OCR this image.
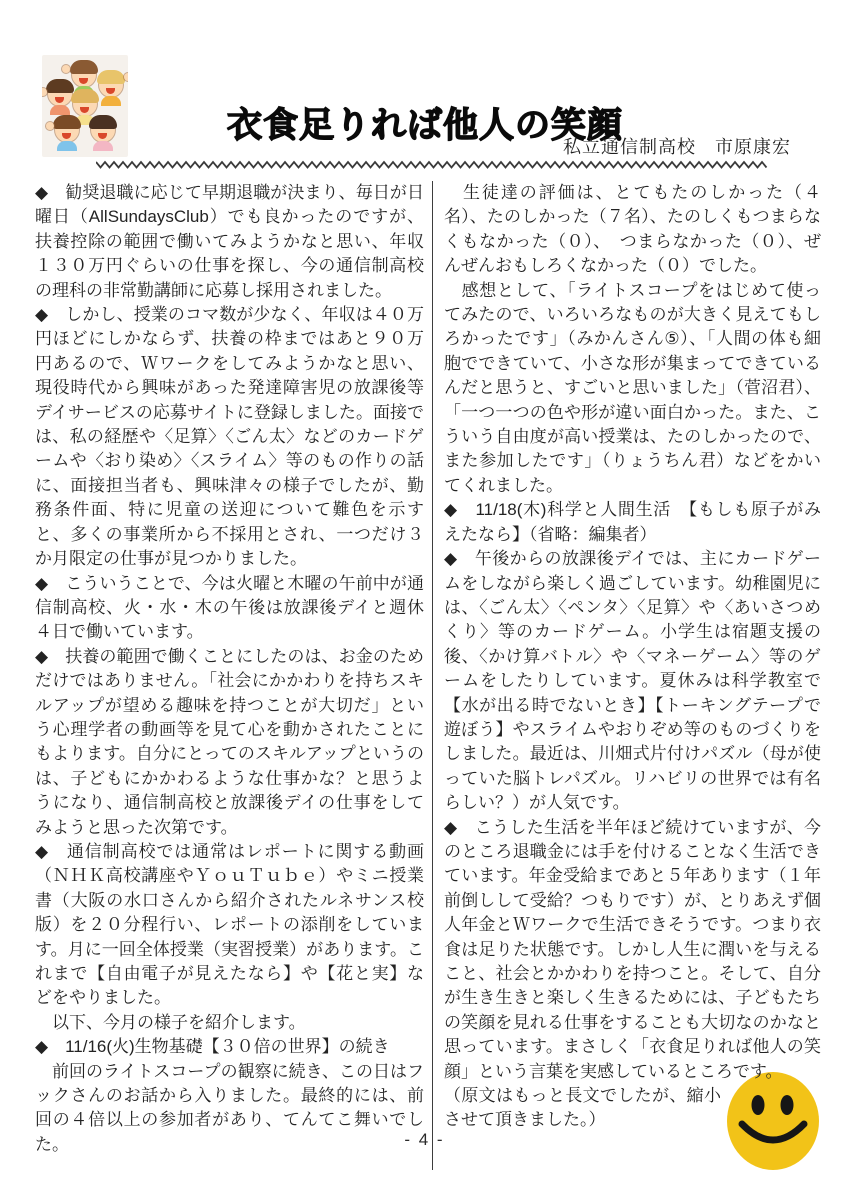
衣食足りれば他人の笑顔
私立通信制高校　市原康宏

◆　勧奨退職に応じて早期退職が決まり、毎日が日曜日（AllSundaysClub）でも良かったのですが、扶養控除の範囲で働いてみようかなと思い、年収１３０万円ぐらいの仕事を探し、今の通信制高校の理科の非常勤講師に応募し採用されました。

◆　しかし、授業のコマ数が少なく、年収は４０万円ほどにしかならず、扶養の枠まではあと９０万円あるので、Ｗワークをしてみようかなと思い、現役時代から興味があった発達障害児の放課後等デイサービスの応募サイトに登録しました。面接では、私の経歴や〈足算〉〈ごん太〉などのカードゲームや〈おり染め〉〈スライム〉等のもの作りの話に、面接担当者も、興味津々の様子でしたが、勤務条件面、特に児童の送迎について難色を示すと、多くの事業所から不採用とされ、一つだけ３か月限定の仕事が見つかりました。

◆　こういうことで、今は火曜と木曜の午前中が通信制高校、火・水・木の午後は放課後デイと週休４日で働いています。

◆　扶養の範囲で働くことにしたのは、お金のためだけではありません。「社会にかかわりを持ちスキルアップが望める趣味を持つことが大切だ」という心理学者の動画等を見て心を動かされたことにもよります。自分にとってのスキルアップというのは、子どもにかかわるような仕事かな？と思うようになり、通信制高校と放課後デイの仕事をしてみようと思った次第です。

◆　通信制高校では通常はレポートに関する動画（ＮＨＫ高校講座やＹｏｕＴｕｂｅ）やミニ授業書（大阪の水口さんから紹介されたルネサンス校版）を２０分程行い、レポートの添削をしています。月に一回全体授業（実習授業）があります。これまで【自由電子が見えたなら】や【花と実】などをやりました。

　以下、今月の様子を紹介します。

◆　11/16(火)生物基礎【３０倍の世界】の続き

　前回のライトスコープの観察に続き、この日はフックさんのお話から入りました。最終的には、前回の４倍以上の参加者があり、てんてこ舞いでした。

　生徒達の評価は、とてもたのしかった（４名）、たのしかった（７名）、たのしくもつまらなくもなかった（０）、　つまらなかった（０）、ぜんぜんおもしろくなかった（０）でした。

　感想として、「ライトスコープをはじめて使ってみたので、いろいろなものが大きく見えてもしろかったです」（みかんさん⑤）、「人間の体も細胞でできていて、小さな形が集まってできているんだと思うと、すごいと思いました」（菅沼君）、「一つ一つの色や形が違い面白かった。また、こういう自由度が高い授業は、たのしかったので、また参加したです」（りょうちん君）などをかいてくれました。

◆　11/18(木)科学と人間生活　【もしも原子がみえたなら】（省略：編集者）

◆　午後からの放課後デイでは、主にカードゲームをしながら楽しく過ごしています。幼稚園児には、〈ごん太〉〈ペンタ〉〈足算〉や〈あいさつめくり〉等のカードゲーム。小学生は宿題支援の後、〈かけ算バトル〉や〈マネーゲーム〉等のゲームをしたりしています。夏休みは科学教室で【水が出る時でないとき】【トーキングテープで遊ぼう】やスライムやおりぞめ等のものづくりをしました。最近は、川畑式片付けパズル（母が使っていた脳トレパズル。リハビリの世界では有名らしい？）が人気です。

◆　こうした生活を半年ほど続けていますが、今のところ退職金には手を付けることなく生活できています。年金受給まであと５年あります（１年前倒しして受給？つもりです）が、とりあえず個人年金とＷワークで生活できそうです。つまり衣食は足りた状態です。しかし人生に潤いを与えること、社会とかかわりを持つこと。そして、自分が生き生きと楽しく生きるためには、子どもたちの笑顔を見れる仕事をすることも大切なのかなと思っています。まさしく「衣食足りれば他人の笑顔」という言葉を実感しているところです。

（原文はもっと長文でしたが、縮小させて頂きました。）

- 4 -
